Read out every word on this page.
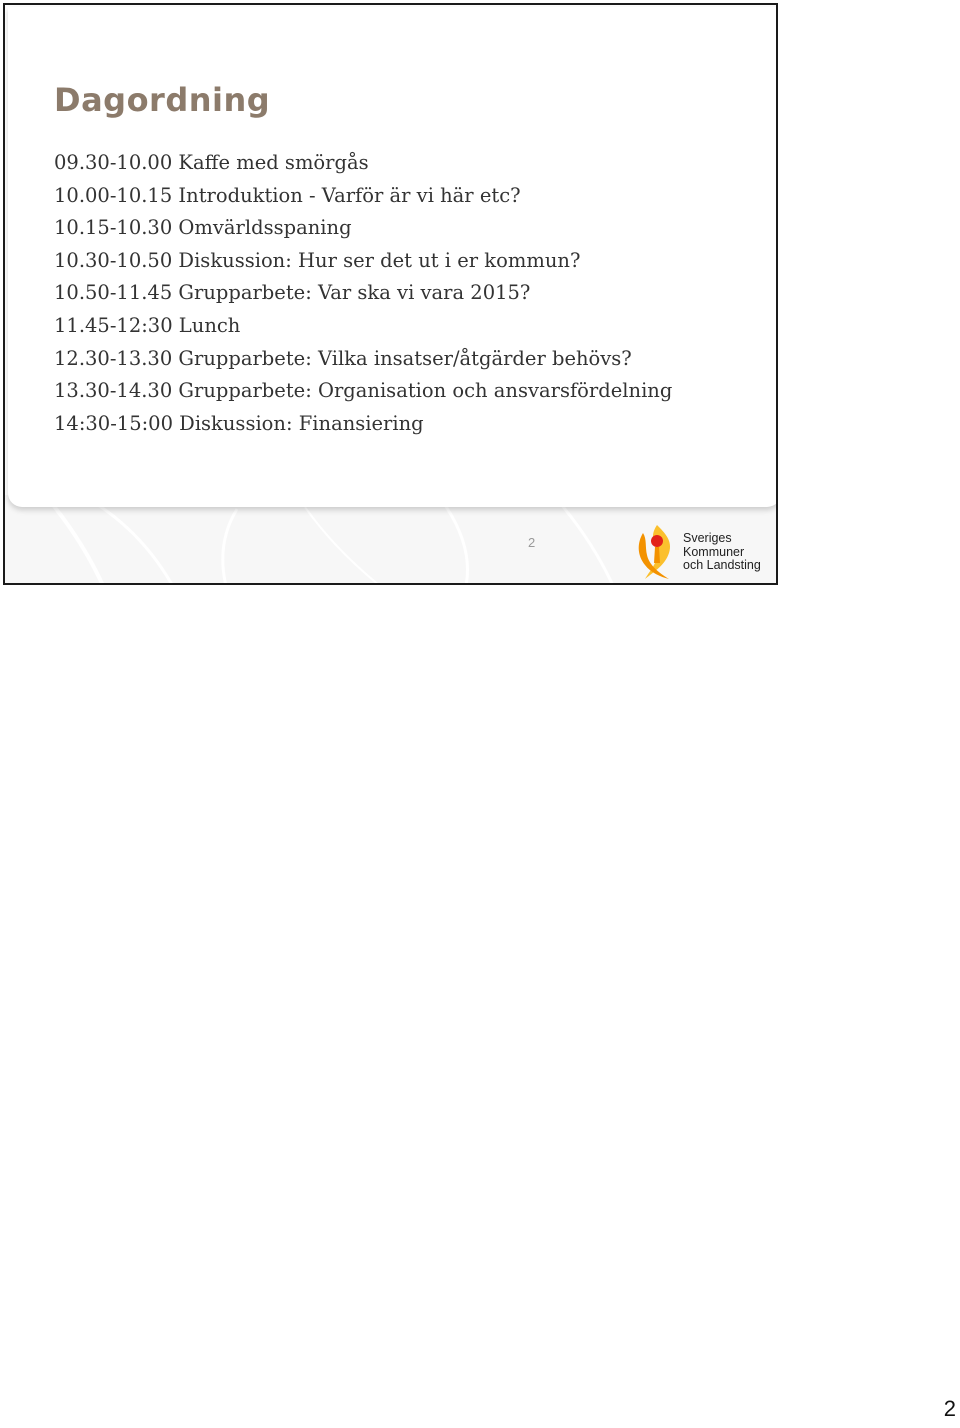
Dagordning
09.30-10.00 Kaffe med smörgås
10.00-10.15 Introduktion - Varför är vi här etc?
10.15-10.30 Omvärldsspaning
10.30-10.50 Diskussion: Hur ser det ut i er kommun?
10.50-11.45 Grupparbete: Var ska vi vara 2015?
11.45-12:30 Lunch
12.30-13.30 Grupparbete: Vilka insatser/åtgärder behövs?
13.30-14.30 Grupparbete: Organisation och ansvarsfördelning
14:30-15:00 Diskussion: Finansiering
2	Sveriges
Kommuner
och Landsting
2
